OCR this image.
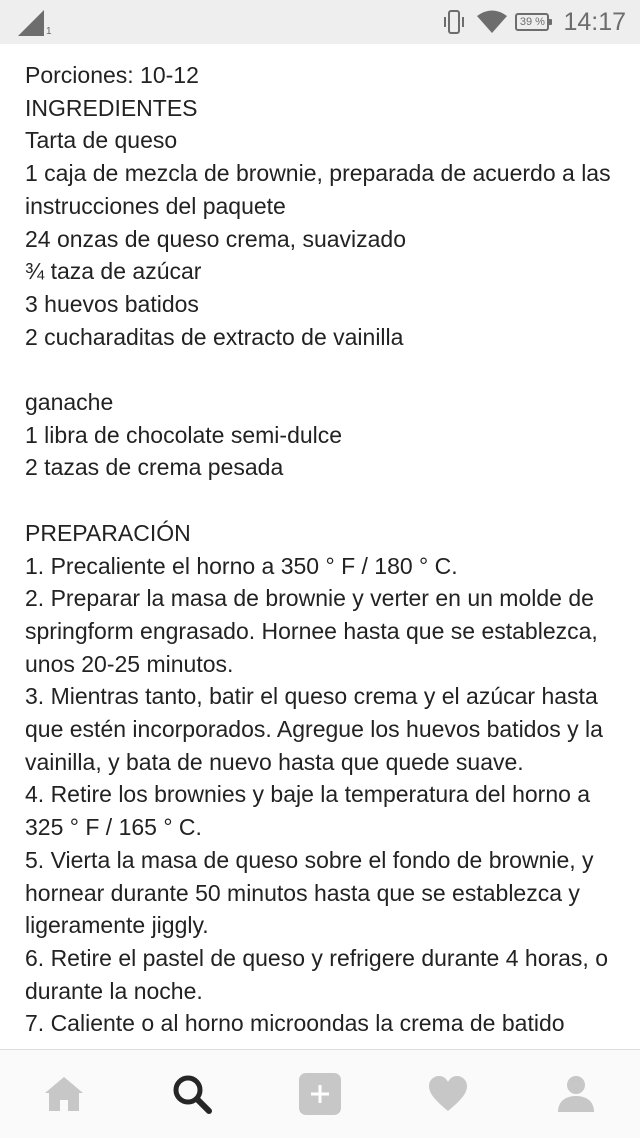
1
39 % 14:17
Porciones: 10-12
INGREDIENTES
Tarta de queso
1 caja de mezcla de brownie, preparada de acuerdo a las instrucciones del paquete
24 onzas de queso crema, suavizado
¾ taza de azúcar
3 huevos batidos
2 cucharaditas de extracto de vainilla
ganache
1 libra de chocolate semi-dulce
2 tazas de crema pesada
PREPARACIÓN
1. Precaliente el horno a 350 ° F / 180 ° C.
2. Preparar la masa de brownie y verter en un molde de springform engrasado. Hornee hasta que se establezca, unos 20-25 minutos.
3. Mientras tanto, batir el queso crema y el azúcar hasta que estén incorporados. Agregue los huevos batidos y la vainilla, y bata de nuevo hasta que quede suave.
4. Retire los brownies y baje la temperatura del horno a 325 ° F / 165 ° C.
5. Vierta la masa de queso sobre el fondo de brownie, y hornear durante 50 minutos hasta que se establezca y ligeramente jiggly.
6. Retire el pastel de queso y refrigere durante 4 horas, o durante la noche.
7. Caliente o al horno microondas la crema de batido
